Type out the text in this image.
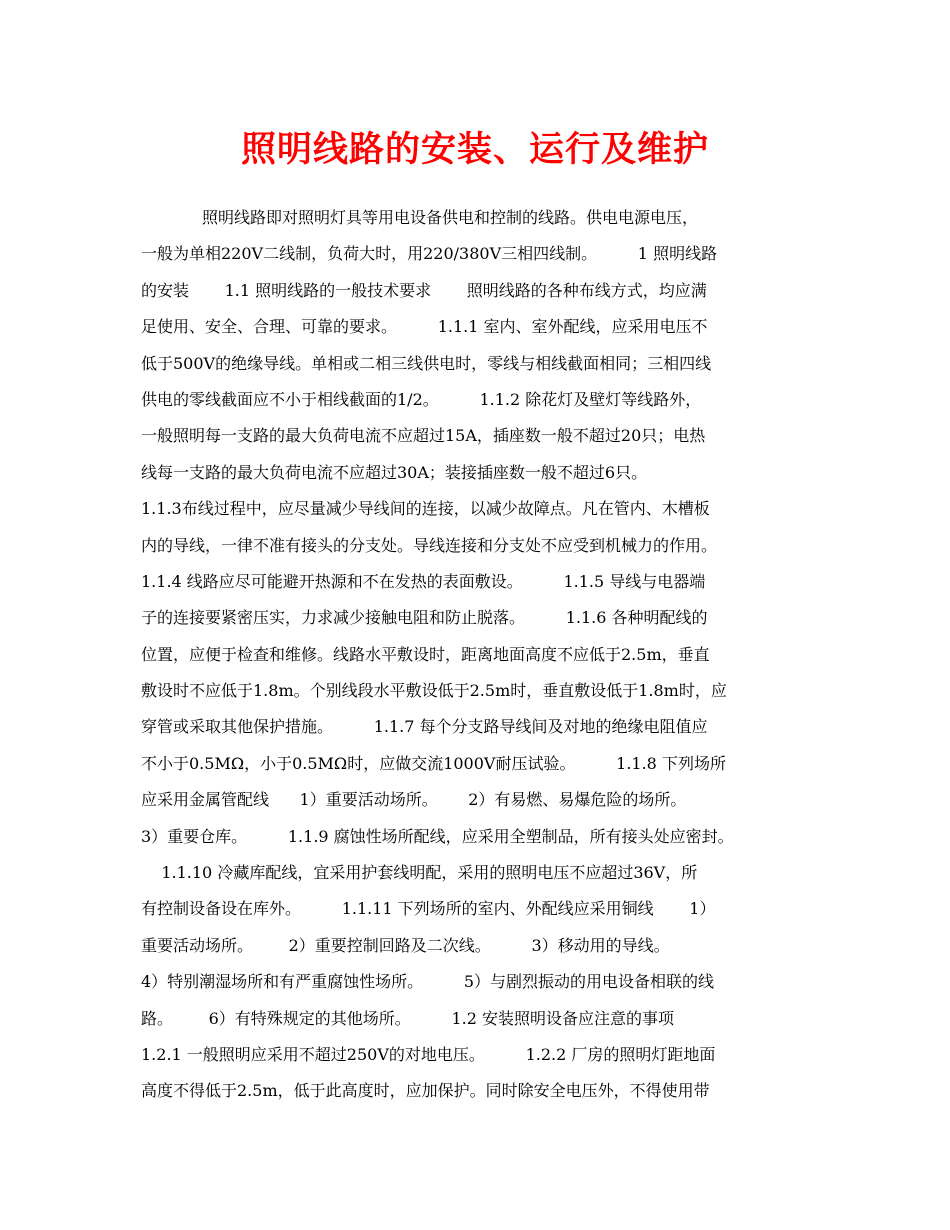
照明线路的安装、运行及维护
照明线路即对照明灯具等用电设备供电和控制的线路。供电电源电压，
一般为单相220V二线制，负荷大时，用220/380V三相四线制。        1 照明线路
的安装       1.1 照明线路的一般技术要求       照明线路的各种布线方式，均应满
足使用、安全、合理、可靠的要求。        1.1.1 室内、室外配线，应采用电压不
低于500V的绝缘导线。单相或二相三线供电时，零线与相线截面相同；三相四线
供电的零线截面应不小于相线截面的1/2。        1.1.2 除花灯及壁灯等线路外，
一般照明每一支路的最大负荷电流不应超过15A，插座数一般不超过20只；电热
线每一支路的最大负荷电流不应超过30A；装接插座数一般不超过6只。
1.1.3布线过程中，应尽量减少导线间的连接，以减少故障点。凡在管内、木槽板
内的导线，一律不准有接头的分支处。导线连接和分支处不应受到机械力的作用。
1.1.4 线路应尽可能避开热源和不在发热的表面敷设。        1.1.5 导线与电器端
子的连接要紧密压实，力求减少接触电阻和防止脱落。        1.1.6 各种明配线的
位置，应便于检查和维修。线路水平敷设时，距离地面高度不应低于2.5m，垂直
敷设时不应低于1.8m。个别线段水平敷设低于2.5m时，垂直敷设低于1.8m时，应
穿管或采取其他保护措施。        1.1.7 每个分支路导线间及对地的绝缘电阻值应
不小于0.5MΩ，小于0.5MΩ时，应做交流1000V耐压试验。        1.1.8 下列场所
应采用金属管配线      1）重要活动场所。      2）有易燃、易爆危险的场所。
3）重要仓库。        1.1.9 腐蚀性场所配线，应采用全塑制品，所有接头处应密封。
1.1.10 冷藏库配线，宜采用护套线明配，采用的照明电压不应超过36V，所
有控制设备设在库外。        1.1.11 下列场所的室内、外配线应采用铜线       1）
重要活动场所。       2）重要控制回路及二次线。        3）移动用的导线。
4）特别潮湿场所和有严重腐蚀性场所。        5）与剧烈振动的用电设备相联的线
路。       6）有特殊规定的其他场所。        1.2 安装照明设备应注意的事项
1.2.1 一般照明应采用不超过250V的对地电压。        1.2.2 厂房的照明灯距地面
高度不得低于2.5m，低于此高度时，应加保护。同时除安全电压外，不得使用带
